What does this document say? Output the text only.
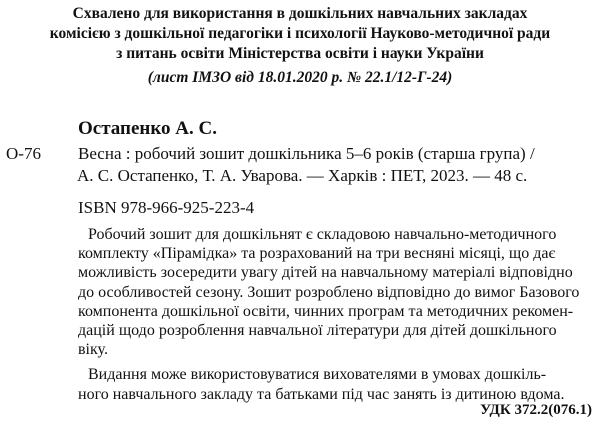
Схвалено для використання в дошкільних навчальних закладах
комісією з дошкільної педагогіки і психології Науково-методичної ради
з питань освіти Міністерства освіти і науки України
(лист ІМЗО від 18.01.2020 р. № 22.1/12-Г-24)
Остапенко А. С.
О-76 Весна : робочий зошит дошкільника 5–6 років (старша група) /
А. С. Остапенко, Т. А. Уварова. — Харків : ПЕТ, 2023. — 48 с.
ISBN 978-966-925-223-4
Робочий зошит для дошкільнят є складовою навчально-методичного
комплекту «Пірамідка» та розрахований на три весняні місяці, що дає
можливість зосередити увагу дітей на навчальному матеріалі відповідно
до особливостей сезону. Зошит розроблено відповідно до вимог Базового
компонента дошкільної освіти, чинних програм та методичних рекомен-
дацій щодо розроблення навчальної літератури для дітей дошкільного
віку.
Видання може використовуватися вихователями в умовах дошкіль-
ного навчального закладу та батьками під час занять із дитиною вдома.
УДК 372.2(076.1)
